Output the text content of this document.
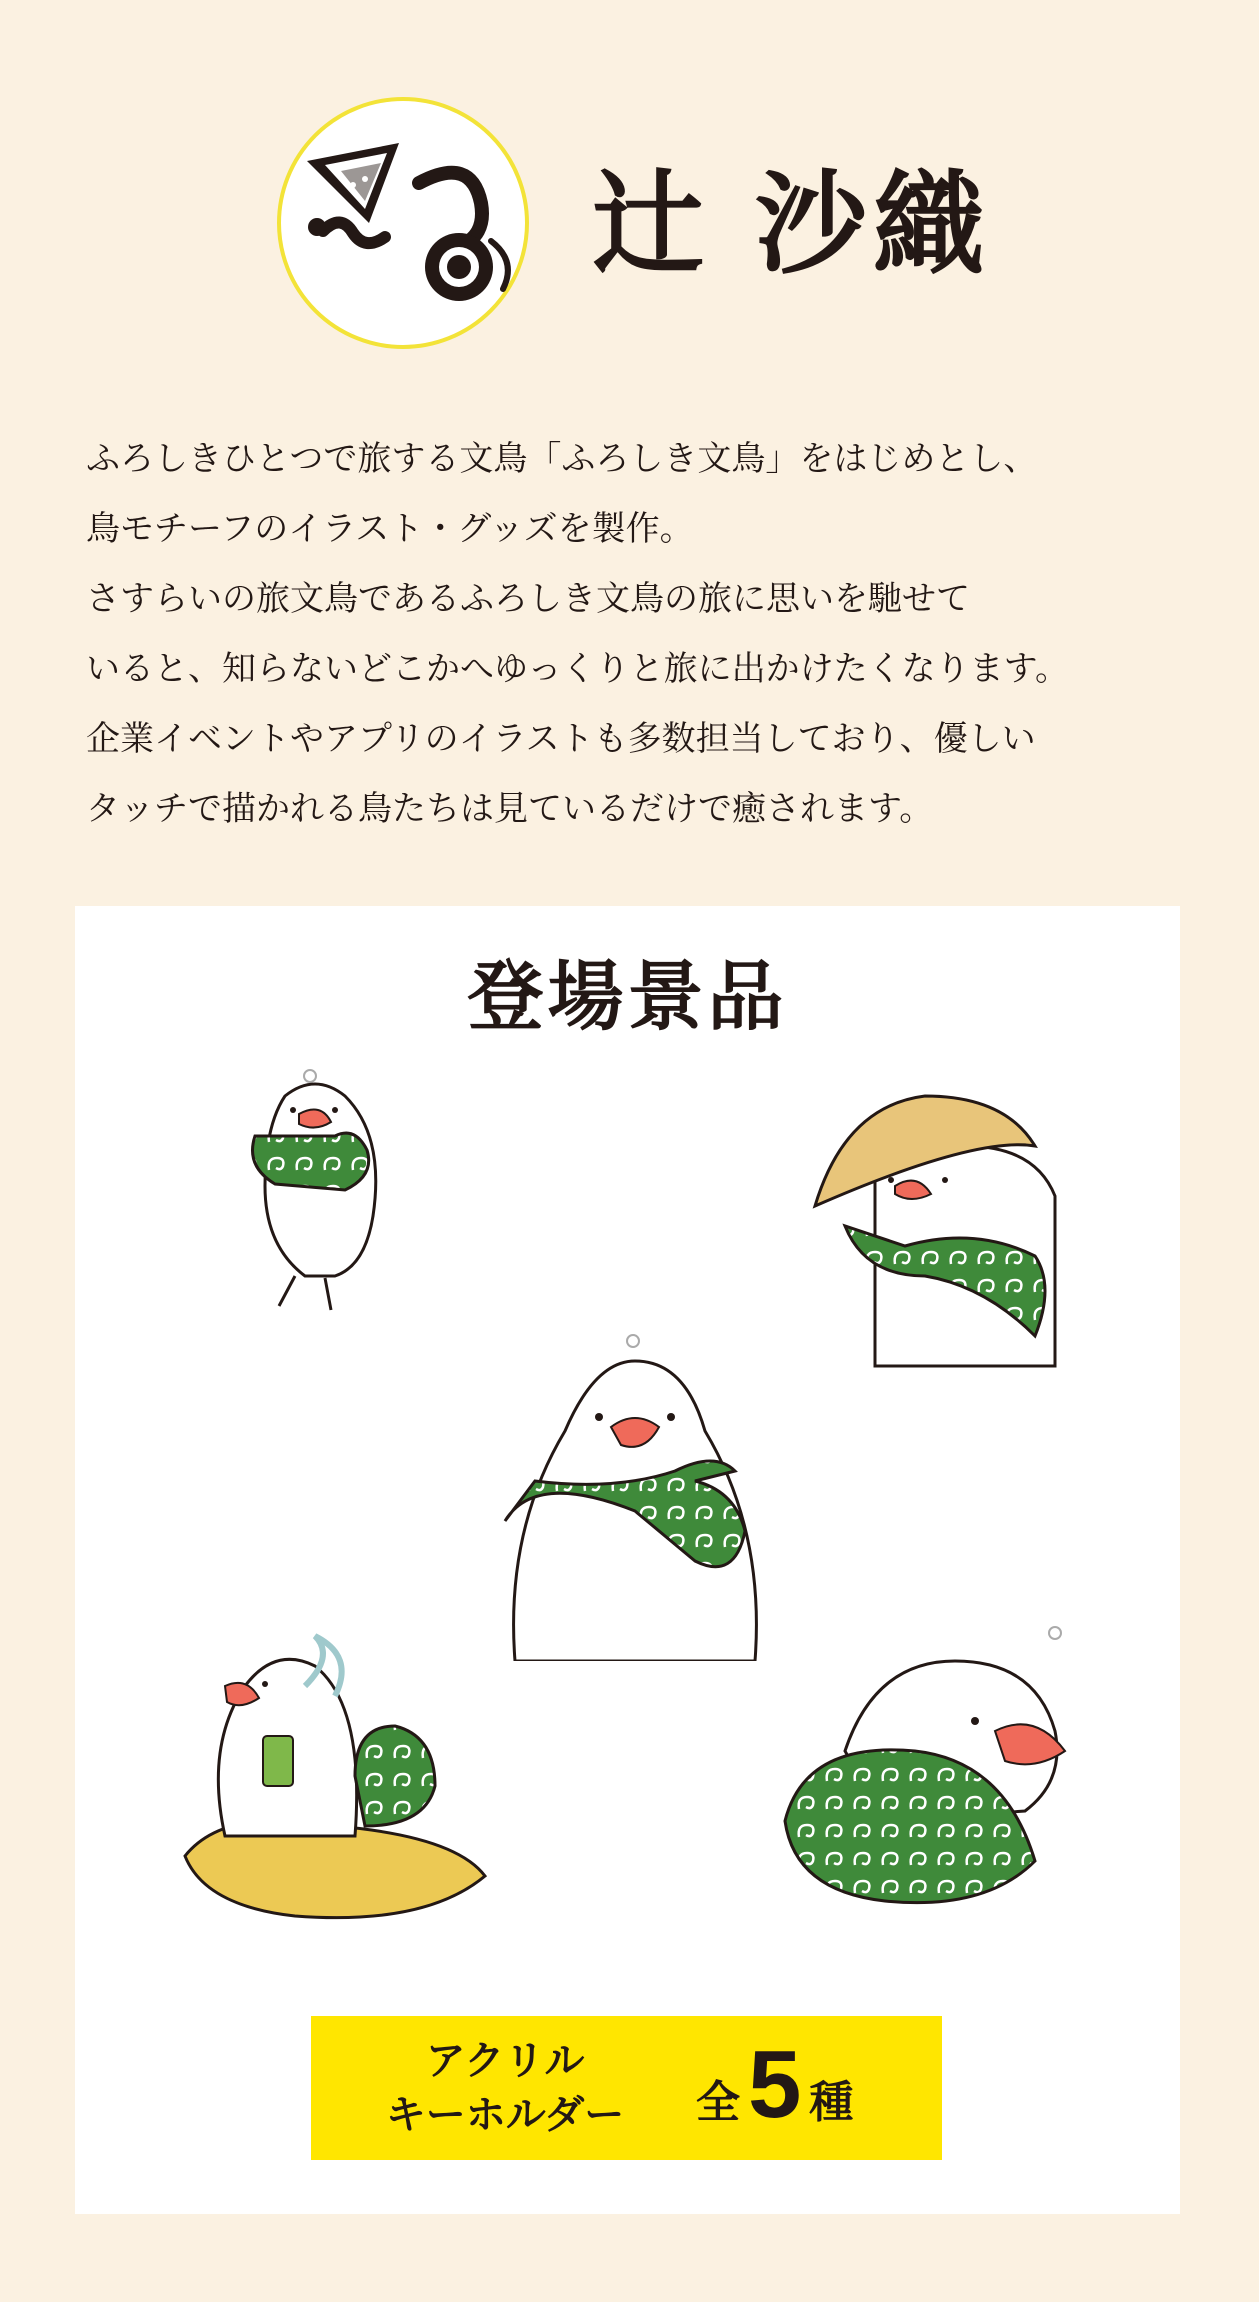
辻 沙織

ふろしきひとつで旅する文鳥「ふろしき文鳥」をはじめとし、

鳥モチーフのイラスト・グッズを製作。

さすらいの旅文鳥であるふろしき文鳥の旅に思いを馳せて

いると、知らないどこかへゆっくりと旅に出かけたくなります。

企業イベントやアプリのイラストも多数担当しており、優しい

タッチで描かれる鳥たちは見ているだけで癒されます。

登場景品
アクリル
キーホルダー	全 5 種
